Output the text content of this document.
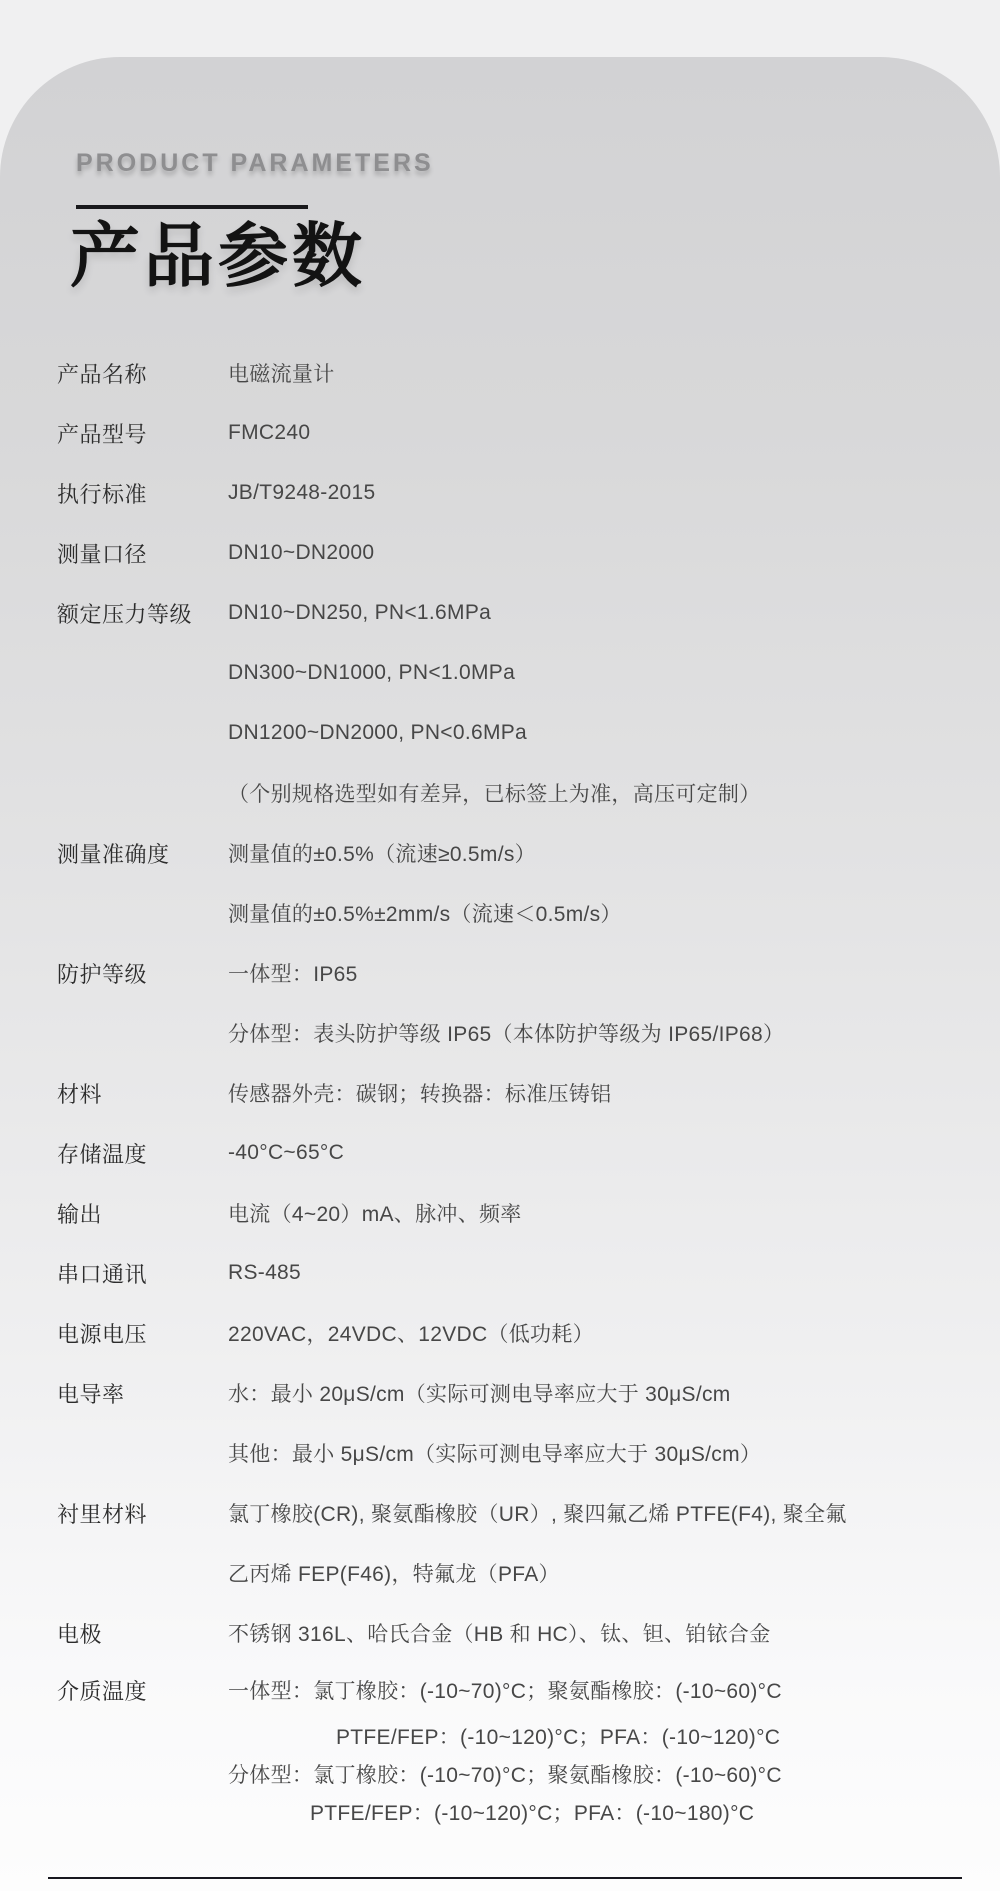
PRODUCT PARAMETERS
产品参数
产品名称	电磁流量计
产品型号	FMC240
执行标准	JB/T9248-2015
测量口径	DN10~DN2000
额定压力等级	DN10~DN250, PN<1.6MPa
DN300~DN1000, PN<1.0MPa
DN1200~DN2000, PN<0.6MPa
（个别规格选型如有差异，已标签上为准，高压可定制）
测量准确度	测量值的±0.5%（流速≥0.5m/s）
测量值的±0.5%±2mm/s（流速＜0.5m/s）
防护等级	一体型：IP65
分体型：表头防护等级 IP65（本体防护等级为 IP65/IP68）
材料	传感器外壳：碳钢；转换器：标准压铸铝
存储温度	-40°C~65°C
输出	电流（4~20）mA、脉冲、频率
串口通讯	RS-485
电源电压	220VAC，24VDC、12VDC（低功耗）
电导率	水：最小 20μS/cm（实际可测电导率应大于 30μS/cm
其他：最小 5μS/cm（实际可测电导率应大于 30μS/cm）
衬里材料	氯丁橡胶(CR), 聚氨酯橡胶（UR）, 聚四氟乙烯 PTFE(F4), 聚全氟
乙丙烯 FEP(F46)，特氟龙（PFA）
电极	不锈钢 316L、哈氏合金（HB 和 HC）、钛、钽、铂铱合金
介质温度	一体型：氯丁橡胶：(-10~70)°C；聚氨酯橡胶：(-10~60)°C
PTFE/FEP：(-10~120)°C；PFA：(-10~120)°C
分体型：氯丁橡胶：(-10~70)°C；聚氨酯橡胶：(-10~60)°C
PTFE/FEP：(-10~120)°C；PFA：(-10~180)°C
